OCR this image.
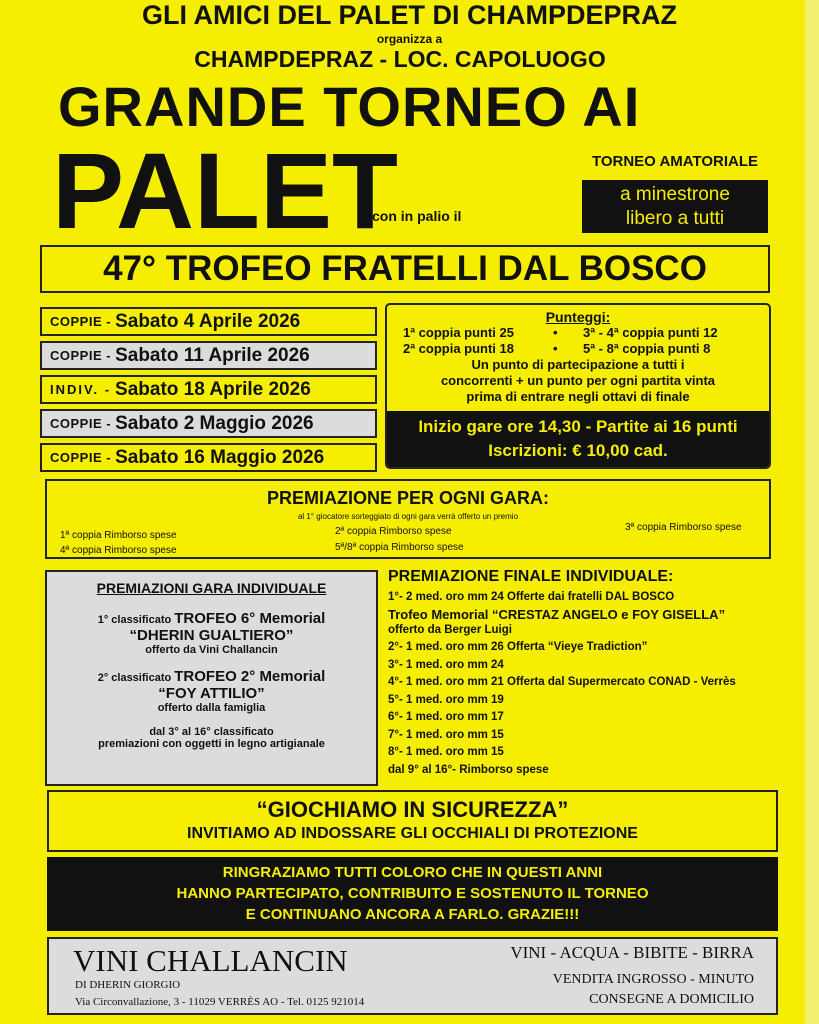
GLI AMICI DEL PALET DI CHAMPDEPRAZ
organizza a
CHAMPDEPRAZ - LOC. CAPOLUOGO
GRANDE TORNEO AI
PALET
con in palio il
TORNEO AMATORIALE
a minestrone
libero a tutti
47° TROFEO FRATELLI DAL BOSCO
COPPIE - Sabato 4 Aprile 2026
COPPIE - Sabato 11 Aprile 2026
INDIV. - Sabato 18 Aprile 2026
COPPIE - Sabato 2 Maggio 2026
COPPIE - Sabato 16 Maggio 2026
Punteggi:
1ª coppia punti 25	•	3ª - 4ª coppia punti 12
2ª coppia punti 18	•	5ª - 8ª coppia punti 8
Un punto di partecipazione a tutti i
concorrenti + un punto per ogni partita vinta
prima di entrare negli ottavi di finale
Inizio gare ore 14,30 - Partite ai 16 punti
Iscrizioni: € 10,00 cad.
PREMIAZIONE PER OGNI GARA:
al 1° giocatore sorteggiato di ogni gara verrà offerto un premio
1ª coppia Rimborso spese	2ª coppia Rimborso spese	3ª coppia Rimborso spese
4ª coppia Rimborso spese	5ª/8ª coppia Rimborso spese
PREMIAZIONI GARA INDIVIDUALE
1° classificato TROFEO 6° Memorial
“DHERIN GUALTIERO”
offerto da Vini Challancin
2° classificato TROFEO 2° Memorial
“FOY ATTILIO”
offerto dalla famiglia
dal 3° al 16° classificato
premiazioni con oggetti in legno artigianale
PREMIAZIONE FINALE INDIVIDUALE:
1°- 2 med. oro mm 24 Offerte dai fratelli DAL BOSCO
Trofeo Memorial “CRESTAZ ANGELO e FOY GISELLA”
offerto da Berger Luigi
2°- 1 med. oro mm 26 Offerta “Vieye Tradiction”
3°- 1 med. oro mm 24
4°- 1 med. oro mm 21 Offerta dal Supermercato CONAD - Verrès
5°- 1 med. oro mm 19
6°- 1 med. oro mm 17
7°- 1 med. oro mm 15
8°- 1 med. oro mm 15
dal 9° al 16°- Rimborso spese
“GIOCHIAMO IN SICUREZZA”
INVITIAMO AD INDOSSARE GLI OCCHIALI DI PROTEZIONE
RINGRAZIAMO TUTTI COLORO CHE IN QUESTI ANNI
HANNO PARTECIPATO, CONTRIBUITO E SOSTENUTO IL TORNEO
E CONTINUANO ANCORA A FARLO. GRAZIE!!!
VINI CHALLANCIN
DI DHERIN GIORGIO
Via Circonvallazione, 3 - 11029 VERRÈS AO - Tel. 0125 921014
VINI - ACQUA - BIBITE - BIRRA
VENDITA INGROSSO - MINUTO
CONSEGNE A DOMICILIO
